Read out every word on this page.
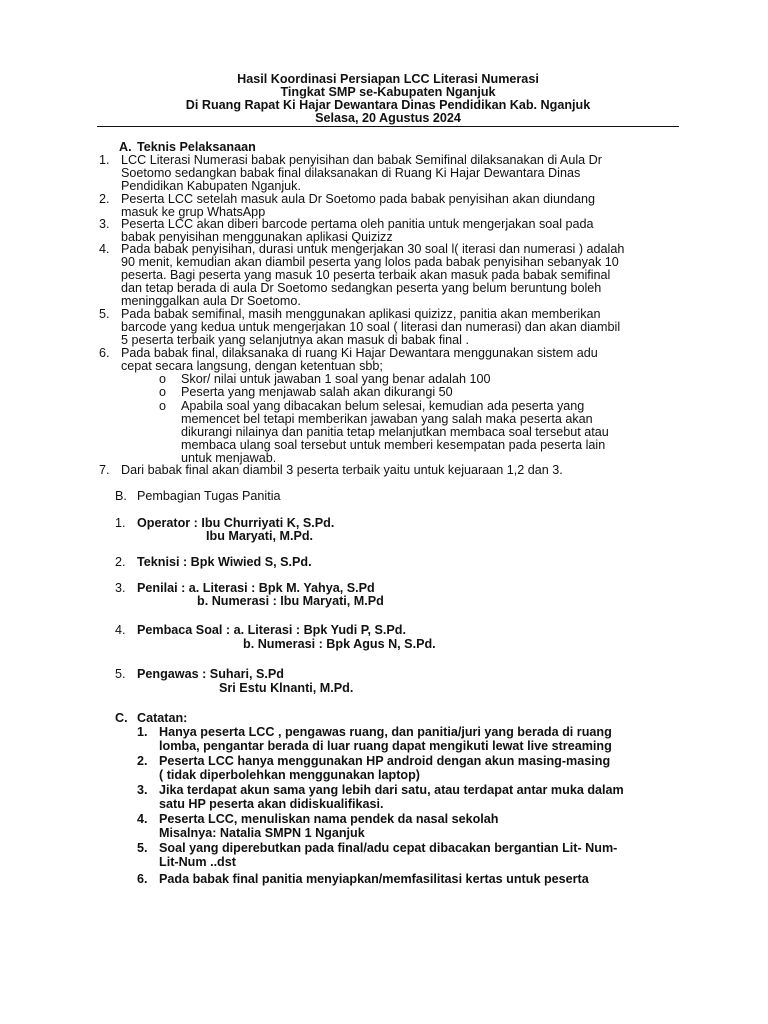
Hasil Koordinasi Persiapan LCC Literasi Numerasi
Tingkat SMP se-Kabupaten Nganjuk
Di Ruang Rapat Ki Hajar Dewantara Dinas Pendidikan Kab. Nganjuk
Selasa, 20 Agustus 2024
A. Teknis Pelaksanaan
1. LCC Literasi Numerasi babak penyisihan dan babak Semifinal dilaksanakan di Aula Dr
Soetomo sedangkan babak final dilaksanakan di Ruang Ki Hajar Dewantara Dinas
Pendidikan Kabupaten Nganjuk.
2. Peserta LCC setelah masuk aula Dr Soetomo pada babak penyisihan akan diundang
masuk ke grup WhatsApp
3. Peserta LCC akan diberi barcode pertama oleh panitia untuk mengerjakan soal pada
babak penyisihan menggunakan aplikasi Quizizz
4. Pada babak penyisihan, durasi untuk mengerjakan 30 soal l( iterasi dan numerasi ) adalah
90 menit, kemudian akan diambil peserta yang lolos pada babak penyisihan sebanyak 10
peserta. Bagi peserta yang masuk 10 peserta terbaik akan masuk pada babak semifinal
dan tetap berada di aula Dr Soetomo sedangkan peserta yang belum beruntung boleh
meninggalkan aula Dr Soetomo.
5. Pada babak semifinal, masih menggunakan aplikasi quizizz, panitia akan memberikan
barcode yang kedua untuk mengerjakan 10 soal ( literasi dan numerasi) dan akan diambil
5 peserta terbaik yang selanjutnya akan masuk di babak final .
6. Pada babak final, dilaksanaka di ruang Ki Hajar Dewantara menggunakan sistem adu
cepat secara langsung, dengan ketentuan sbb;
o Skor/ nilai untuk jawaban 1 soal yang benar adalah 100
o Peserta yang menjawab salah akan dikurangi 50
o Apabila soal yang dibacakan belum selesai, kemudian ada peserta yang
memencet bel tetapi memberikan jawaban yang salah maka peserta akan
dikurangi nilainya dan panitia tetap melanjutkan membaca soal tersebut atau
membaca ulang soal tersebut untuk memberi kesempatan pada peserta lain
untuk menjawab.
7. Dari babak final akan diambil 3 peserta terbaik yaitu untuk kejuaraan 1,2 dan 3.
B. Pembagian Tugas Panitia
1. Operator : Ibu Churriyati K, S.Pd.
Ibu Maryati, M.Pd.
2. Teknisi : Bpk Wiwied S, S.Pd.
3. Penilai : a. Literasi : Bpk M. Yahya, S.Pd
b. Numerasi : Ibu Maryati, M.Pd
4. Pembaca Soal : a. Literasi : Bpk Yudi P, S.Pd.
b. Numerasi : Bpk Agus N, S.Pd.
5. Pengawas : Suhari, S.Pd
Sri Estu Klnanti, M.Pd.
C. Catatan:
1. Hanya peserta LCC , pengawas ruang, dan panitia/juri yang berada di ruang
lomba, pengantar berada di luar ruang dapat mengikuti lewat live streaming
2. Peserta LCC hanya menggunakan HP android dengan akun masing-masing
( tidak diperbolehkan menggunakan laptop)
3. Jika terdapat akun sama yang lebih dari satu, atau terdapat antar muka dalam
satu HP peserta akan didiskualifikasi.
4. Peserta LCC, menuliskan nama pendek da nasal sekolah
Misalnya: Natalia SMPN 1 Nganjuk
5. Soal yang diperebutkan pada final/adu cepat dibacakan bergantian Lit- Num-
Lit-Num ..dst
6. Pada babak final panitia menyiapkan/memfasilitasi kertas untuk peserta
